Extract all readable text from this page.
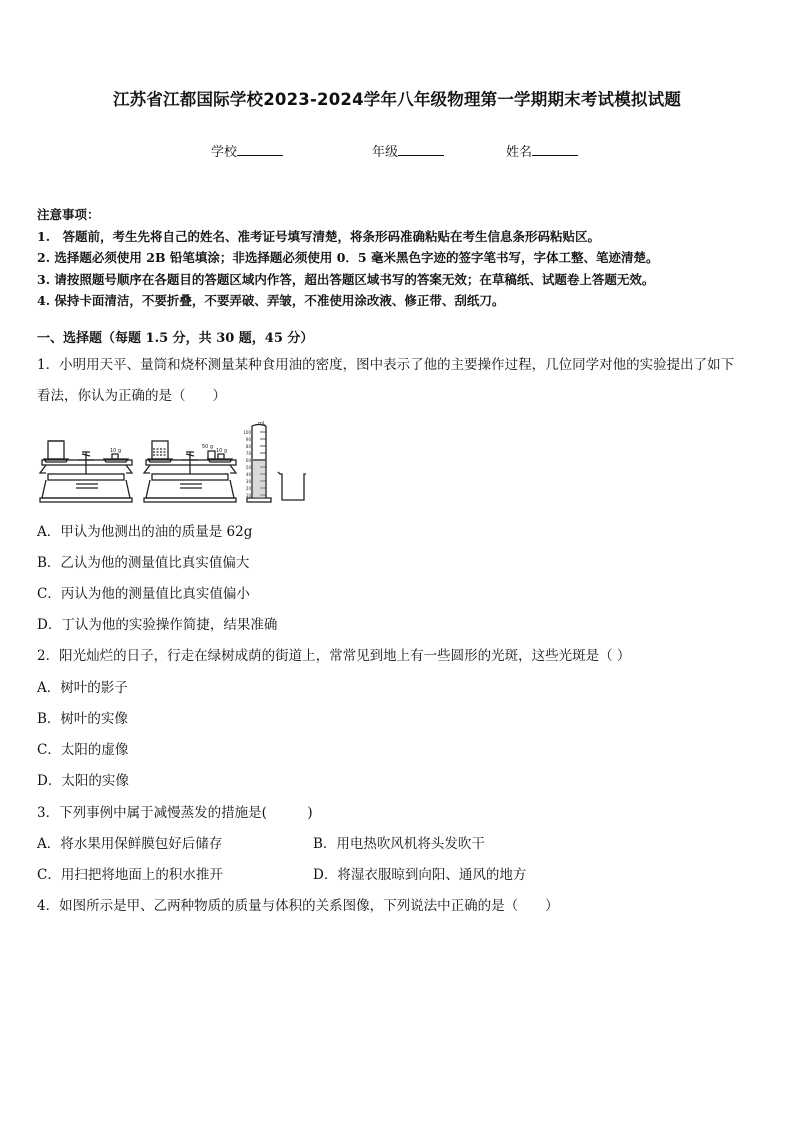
江苏省江都国际学校2023-2024学年八年级物理第一学期期末考试模拟试题
学校	年级	姓名
注意事项：
1.　答题前，考生先将自己的姓名、准考证号填写清楚，将条形码准确粘贴在考生信息条形码粘贴区。
2. 选择题必须使用 2B 铅笔填涂；非选择题必须使用 0．5 毫米黑色字迹的签字笔书写，字体工整、笔迹清楚。
3. 请按照题号顺序在各题目的答题区域内作答，超出答题区域书写的答案无效；在草稿纸、试题卷上答题无效。
4. 保持卡面清洁，不要折叠，不要弄破、弄皱，不准使用涂改液、修正带、刮纸刀。
一、选择题（每题 1.5 分，共 30 题，45 分）
1．小明用天平、量筒和烧杯测量某种食用油的密度，图中表示了他的主要操作过程，几位同学对他的实验提出了如下
看法，你认为正确的是（　　）
10 g
50 g
10 g
mL
100
90
80
70
60
50
40
30
20
10
A．甲认为他测出的油的质量是 62g
B．乙认为他的测量值比真实值偏大
C．丙认为他的测量值比真实值偏小
D．丁认为他的实验操作简捷，结果准确
2．阳光灿烂的日子，行走在绿树成荫的街道上，常常见到地上有一些圆形的光斑，这些光斑是（ ）
A．树叶的影子
B．树叶的实像
C．太阳的虚像
D．太阳的实像
3．下列事例中属于减慢蒸发的措施是(　　　)
A．将水果用保鲜膜包好后储存	B．用电热吹风机将头发吹干
C．用扫把将地面上的积水推开	D．将湿衣服晾到向阳、通风的地方
4．如图所示是甲、乙两种物质的质量与体积的关系图像，下列说法中正确的是（　　）
